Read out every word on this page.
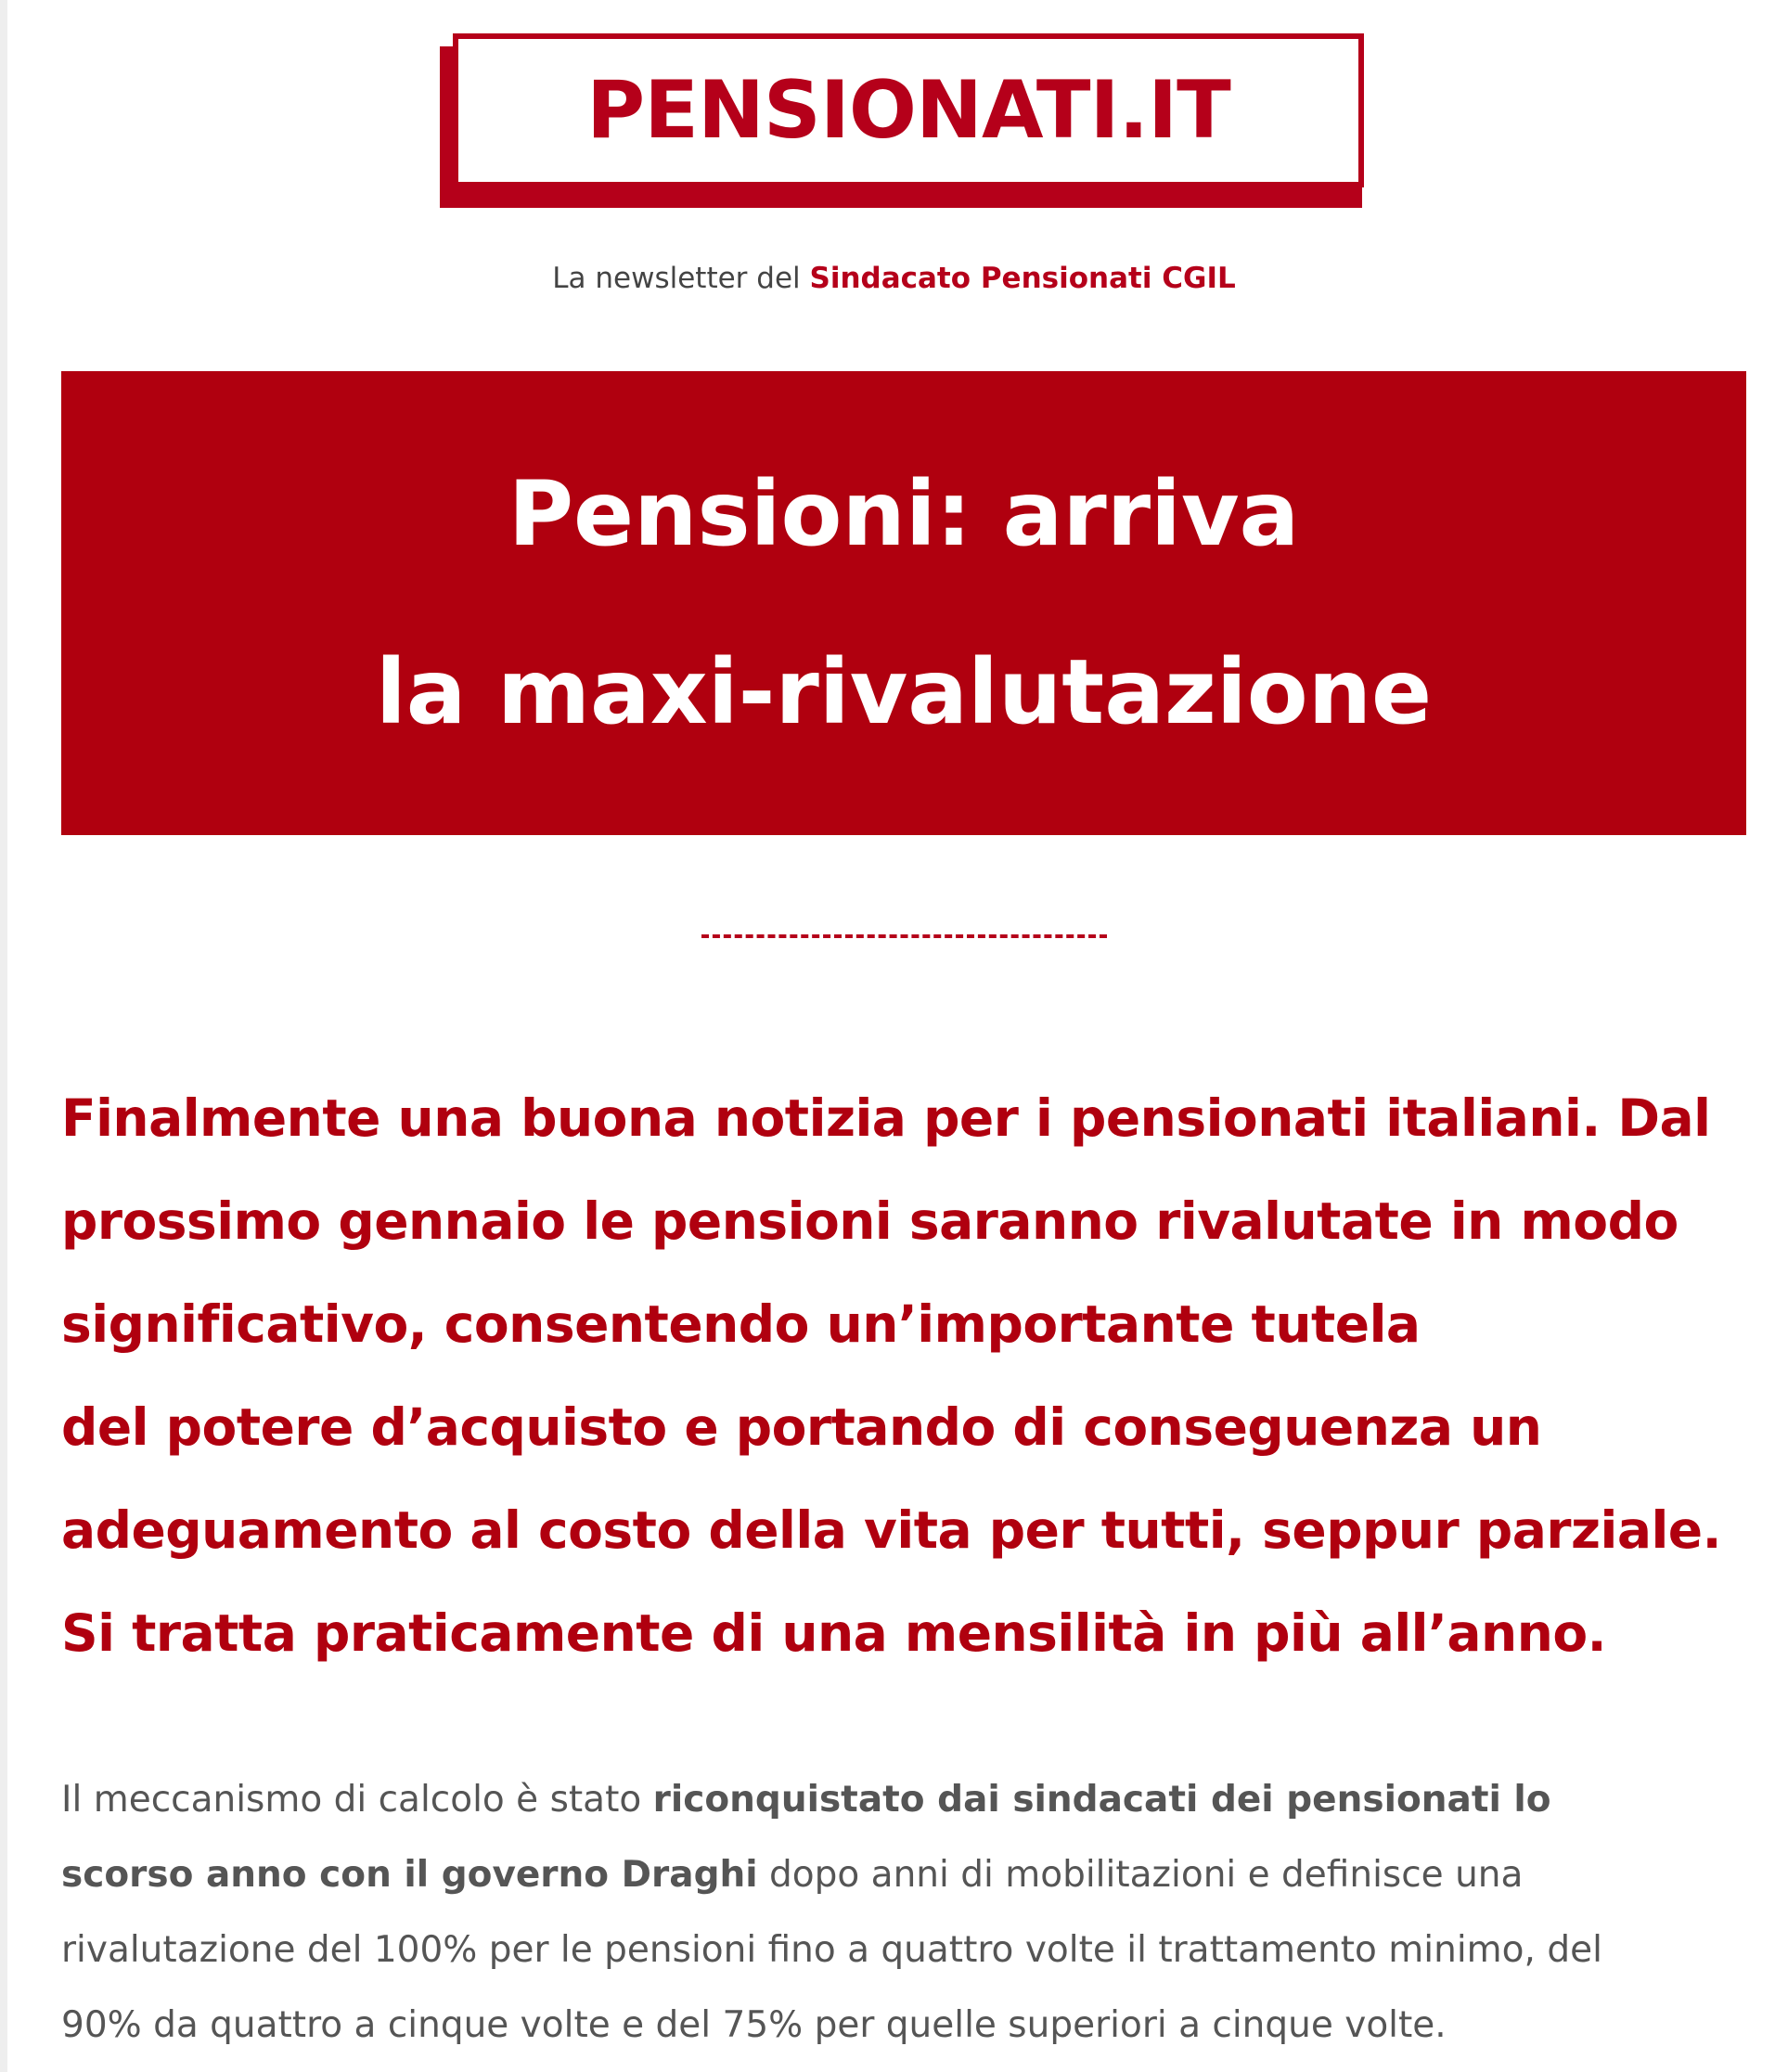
PENSIONATI.IT
La newsletter del Sindacato Pensionati CGIL
Pensioni: arriva
la maxi-rivalutazione
Finalmente una buona notizia per i pensionati italiani. Dal
prossimo gennaio le pensioni saranno rivalutate in modo
significativo, consentendo un’importante tutela
del potere d’acquisto e portando di conseguenza un
adeguamento al costo della vita per tutti, seppur parziale.
Si tratta praticamente di una mensilità in più all’anno.
Il meccanismo di calcolo è stato riconquistato dai sindacati dei pensionati lo
scorso anno con il governo Draghi dopo anni di mobilitazioni e definisce una
rivalutazione del 100% per le pensioni fino a quattro volte il trattamento minimo, del
90% da quattro a cinque volte e del 75% per quelle superiori a cinque volte.
